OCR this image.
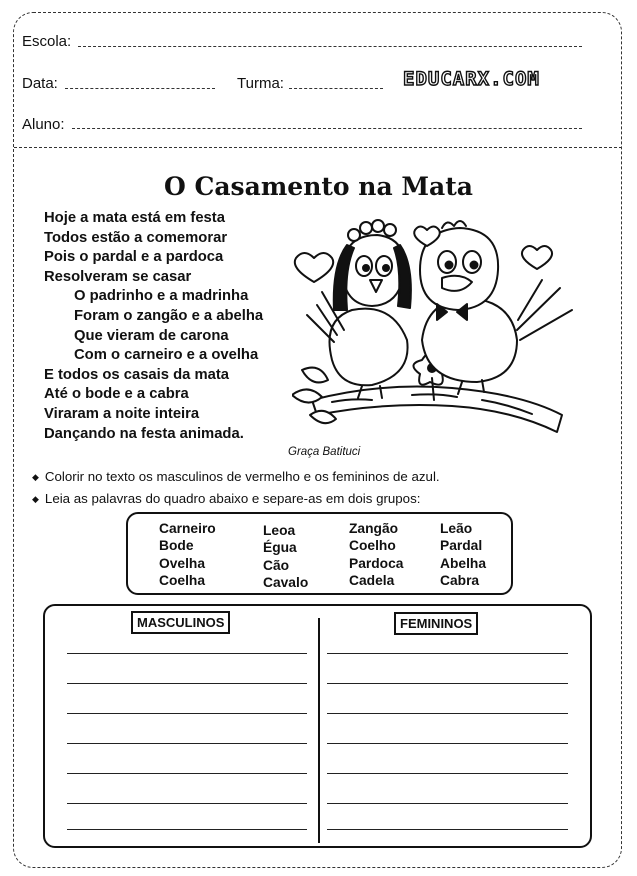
Escola:
Data:	Turma:	EDUCARX.COM
Aluno:
O Casamento na Mata
Hoje a mata está em festa
Todos estão a comemorar
Pois o pardal e a pardoca
Resolveram se casar
O padrinho e a madrinha
Foram o zangão e a abelha
Que vieram de carona
Com o carneiro e a ovelha
E todos os casais da mata
Até o bode e a cabra
Viraram a noite inteira
Dançando na festa animada.
Graça Batituci
◆ Colorir no texto os masculinos de vermelho e os femininos de azul.
◆ Leia as palavras do quadro abaixo e separe-as em dois grupos:
Carneiro
Bode
Ovelha
Coelha
Leoa
Égua
Cão
Cavalo
Zangão
Coelho
Pardoca
Cadela
Leão
Pardal
Abelha
Cabra
MASCULINOS	FEMININOS
